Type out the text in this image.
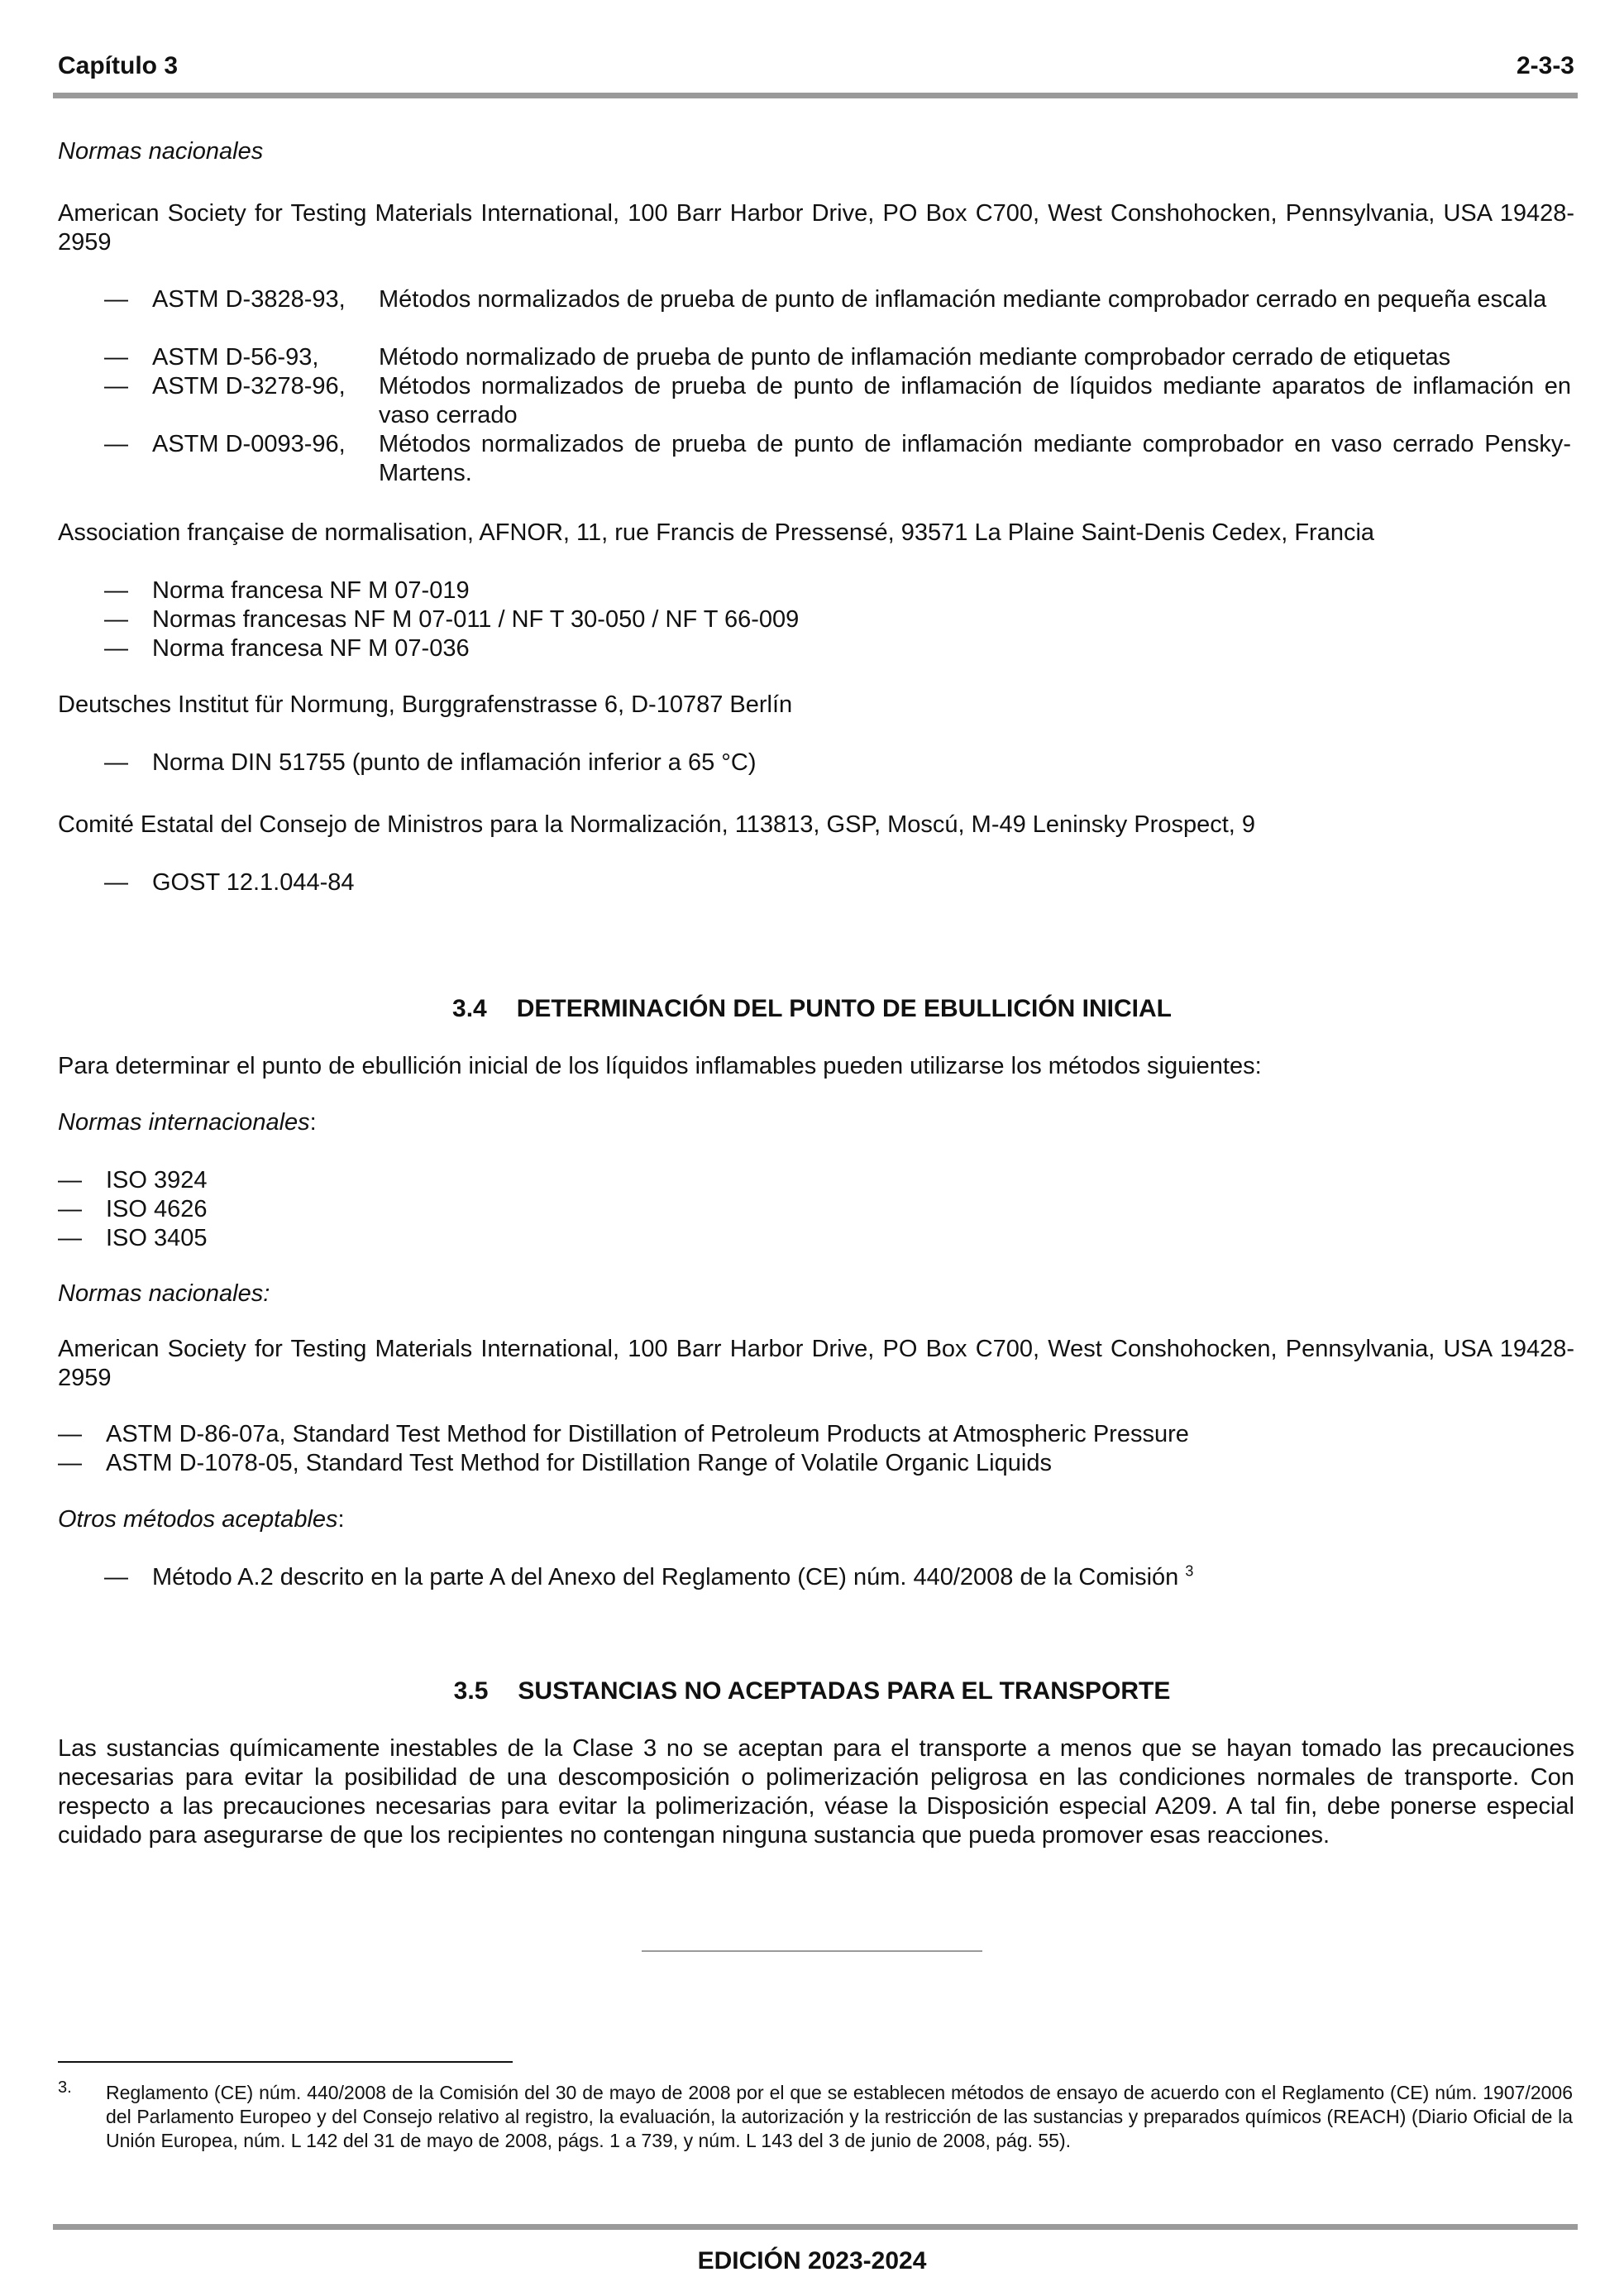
Capítulo 3	2-3-3
Normas nacionales
American Society for Testing Materials International, 100 Barr Harbor Drive, PO Box C700, West Conshohocken, Pennsylvania, USA 19428-2959
— ASTM D-3828-93, Métodos normalizados de prueba de punto de inflamación mediante comprobador cerrado en pequeña escala
— ASTM D-56-93,	Método normalizado de prueba de punto de inflamación mediante comprobador cerrado de etiquetas
— ASTM D-3278-96, Métodos normalizados de prueba de punto de inflamación de líquidos mediante aparatos de inflamación en vaso cerrado
— ASTM D-0093-96, Métodos normalizados de prueba de punto de inflamación mediante comprobador en vaso cerrado Pensky-Martens.
Association française de normalisation, AFNOR, 11, rue Francis de Pressensé, 93571 La Plaine Saint-Denis Cedex, Francia
— Norma francesa NF M 07-019
— Normas francesas NF M 07-011 / NF T 30-050 / NF T 66-009
— Norma francesa NF M 07-036
Deutsches Institut für Normung, Burggrafenstrasse 6, D-10787 Berlín
— Norma DIN 51755 (punto de inflamación inferior a 65 °C)
Comité Estatal del Consejo de Ministros para la Normalización, 113813, GSP, Moscú, M-49 Leninsky Prospect, 9
— GOST 12.1.044-84
3.4 DETERMINACIÓN DEL PUNTO DE EBULLICIÓN INICIAL
Para determinar el punto de ebullición inicial de los líquidos inflamables pueden utilizarse los métodos siguientes:
Normas internacionales:
— ISO 3924
— ISO 4626
— ISO 3405
Normas nacionales:
American Society for Testing Materials International, 100 Barr Harbor Drive, PO Box C700, West Conshohocken, Pennsylvania, USA 19428-2959
— ASTM D-86-07a, Standard Test Method for Distillation of Petroleum Products at Atmospheric Pressure
— ASTM D-1078-05, Standard Test Method for Distillation Range of Volatile Organic Liquids
Otros métodos aceptables:
— Método A.2 descrito en la parte A del Anexo del Reglamento (CE) núm. 440/2008 de la Comisión $^3$
3.5 SUSTANCIAS NO ACEPTADAS PARA EL TRANSPORTE
Las sustancias químicamente inestables de la Clase 3 no se aceptan para el transporte a menos que se hayan tomado las precauciones necesarias para evitar la posibilidad de una descomposición o polimerización peligrosa en las condiciones normales de transporte. Con respecto a las precauciones necesarias para evitar la polimerización, véase la Disposición especial A209. A tal fin, debe ponerse especial cuidado para asegurarse de que los recipientes no contengan ninguna sustancia que pueda promover esas reacciones.
3. Reglamento (CE) núm. 440/2008 de la Comisión del 30 de mayo de 2008 por el que se establecen métodos de ensayo de acuerdo con el Reglamento (CE) núm. 1907/2006 del Parlamento Europeo y del Consejo relativo al registro, la evaluación, la autorización y la restricción de las sustancias y preparados químicos (REACH) (Diario Oficial de la Unión Europea, núm. L 142 del 31 de mayo de 2008, págs. 1 a 739, y núm. L 143 del 3 de junio de 2008, pág. 55).
EDICIÓN 2023-2024
